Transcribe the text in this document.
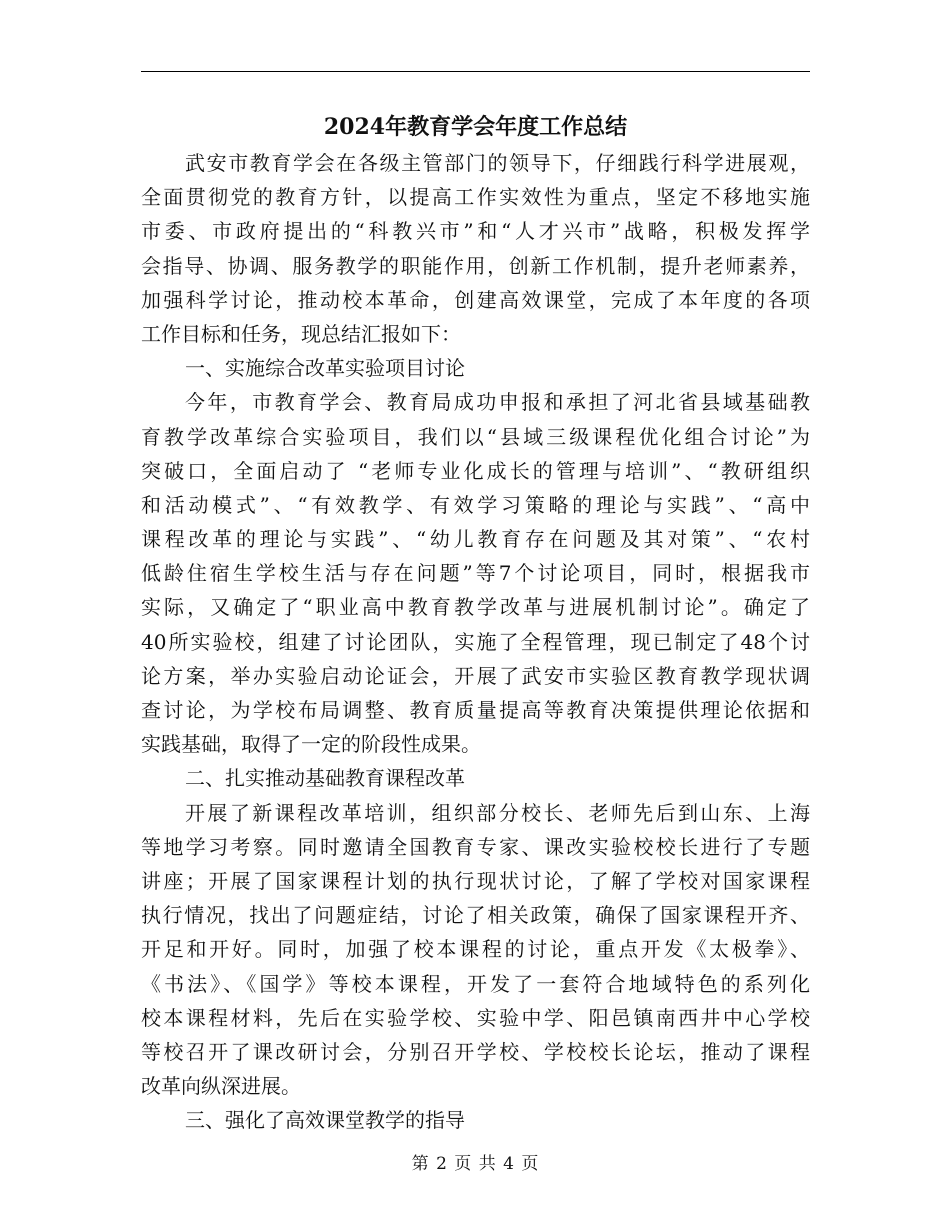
2024年教育学会年度工作总结
武安市教育学会在各级主管部门的领导下，仔细践行科学进展观，
全面贯彻党的教育方针，以提高工作实效性为重点，坚定不移地实施
市委、市政府提出的“科教兴市”和“人才兴市”战略，积极发挥学
会指导、协调、服务教学的职能作用，创新工作机制，提升老师素养，
加强科学讨论，推动校本革命，创建高效课堂，完成了本年度的各项
工作目标和任务，现总结汇报如下：
一、实施综合改革实验项目讨论
今年，市教育学会、教育局成功申报和承担了河北省县域基础教
育教学改革综合实验项目，我们以“县域三级课程优化组合讨论”为
突破口，全面启动了 “老师专业化成长的管理与培训”、“教研组织
和活动模式”、“有效教学、有效学习策略的理论与实践”、“高中
课程改革的理论与实践”、“幼儿教育存在问题及其对策”、“农村
低龄住宿生学校生活与存在问题”等7个讨论项目，同时，根据我市
实际，又确定了“职业高中教育教学改革与进展机制讨论”。确定了
40所实验校，组建了讨论团队，实施了全程管理，现已制定了48个讨
论方案，举办实验启动论证会，开展了武安市实验区教育教学现状调
查讨论，为学校布局调整、教育质量提高等教育决策提供理论依据和
实践基础，取得了一定的阶段性成果。
二、扎实推动基础教育课程改革
开展了新课程改革培训，组织部分校长、老师先后到山东、上海
等地学习考察。同时邀请全国教育专家、课改实验校校长进行了专题
讲座；开展了国家课程计划的执行现状讨论，了解了学校对国家课程
执行情况，找出了问题症结，讨论了相关政策，确保了国家课程开齐、
开足和开好。同时，加强了校本课程的讨论，重点开发《太极拳》、
《书法》、《国学》等校本课程，开发了一套符合地域特色的系列化
校本课程材料，先后在实验学校、实验中学、阳邑镇南西井中心学校
等校召开了课改研讨会，分别召开学校、学校校长论坛，推动了课程
改革向纵深进展。
三、强化了高效课堂教学的指导
第 2 页 共 4 页
